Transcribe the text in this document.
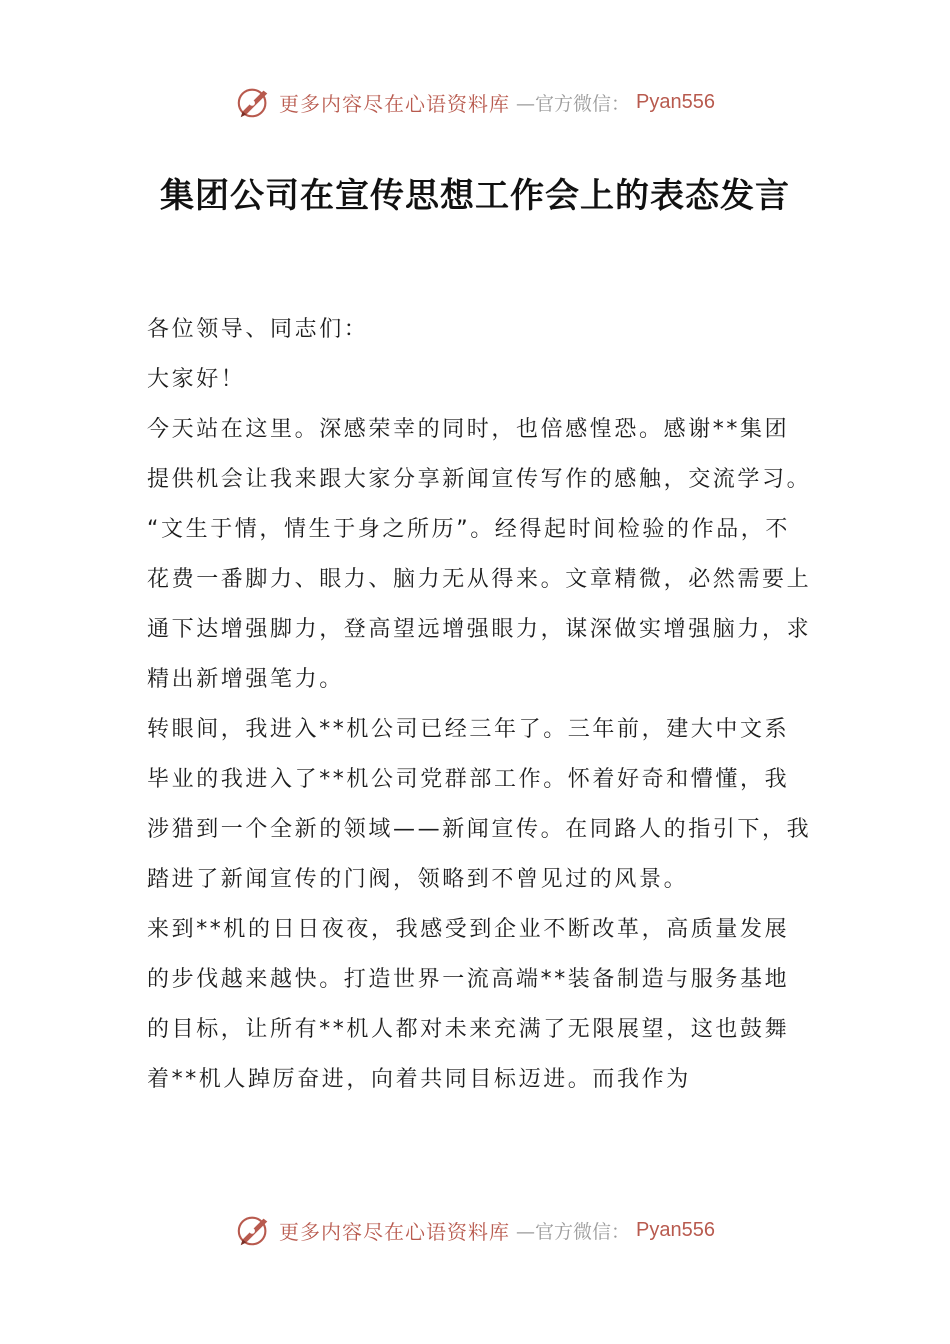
更多内容尽在心语资料库 —官方微信： Pyan556
集团公司在宣传思想工作会上的表态发言

各位领导、同志们：

大家好！

今天站在这里。深感荣幸的同时，也倍感惶恐。感谢**集团提供机会让我来跟大家分享新闻宣传写作的感触，交流学习。

“文生于情，情生于身之所历”。经得起时间检验的作品，不花费一番脚力、眼力、脑力无从得来。文章精微，必然需要上通下达增强脚力，登高望远增强眼力，谋深做实增强脑力，求精出新增强笔力。

转眼间，我进入**机公司已经三年了。三年前，建大中文系毕业的我进入了**机公司党群部工作。怀着好奇和懵懂，我涉猎到一个全新的领域——新闻宣传。在同路人的指引下，我踏进了新闻宣传的门阀，领略到不曾见过的风景。

来到**机的日日夜夜，我感受到企业不断改革，高质量发展的步伐越来越快。打造世界一流高端**装备制造与服务基地的目标，让所有**机人都对未来充满了无限展望，这也鼓舞着**机人踔厉奋进，向着共同目标迈进。而我作为

更多内容尽在心语资料库 —官方微信： Pyan556
